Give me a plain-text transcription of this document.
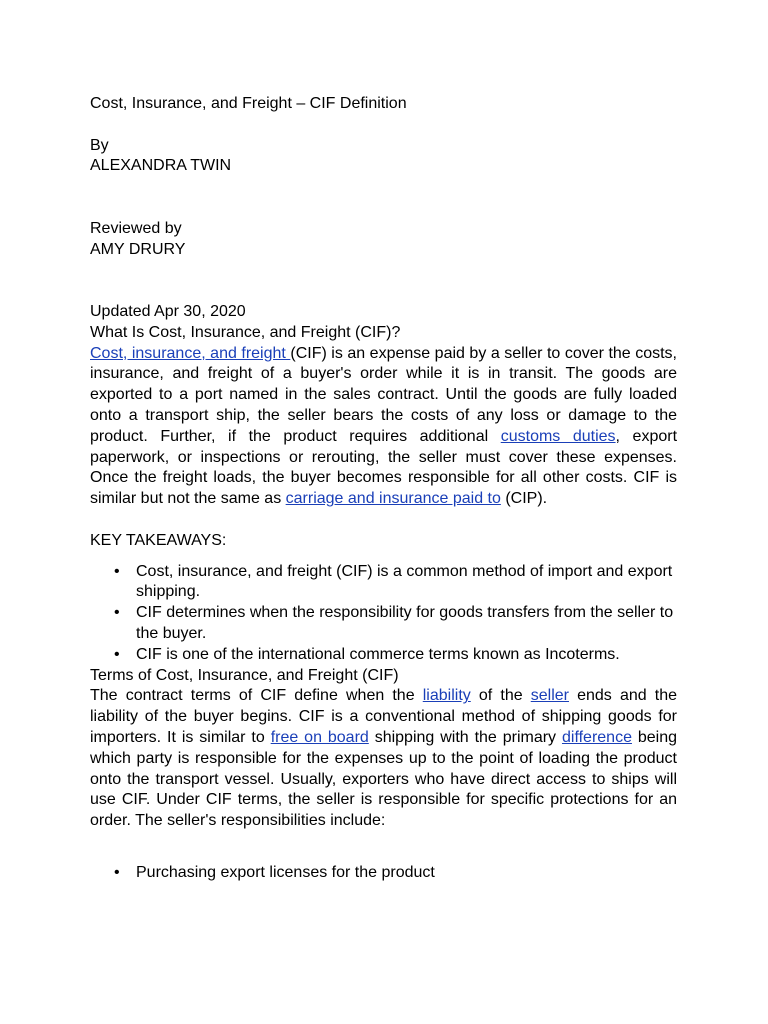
Cost, Insurance, and Freight – CIF Definition

By

ALEXANDRA TWIN

Reviewed by

AMY DRURY

Updated Apr 30, 2020

What Is Cost, Insurance, and Freight (CIF)?

Cost, insurance, and freight (CIF) is an expense paid by a seller to cover the costs, insurance, and freight of a buyer's order while it is in transit. The goods are exported to a port named in the sales contract. Until the goods are fully loaded onto a transport ship, the seller bears the costs of any loss or damage to the product. Further, if the product requires additional customs duties, export paperwork, or inspections or rerouting, the seller must cover these expenses. Once the freight loads, the buyer becomes responsible for all other costs. CIF is similar but not the same as carriage and insurance paid to (CIP).

KEY TAKEAWAYS:

• Cost, insurance, and freight (CIF) is a common method of import and export shipping.
• CIF determines when the responsibility for goods transfers from the seller to the buyer.
• CIF is one of the international commerce terms known as Incoterms.

Terms of Cost, Insurance, and Freight (CIF)

The contract terms of CIF define when the liability of the seller ends and the liability of the buyer begins. CIF is a conventional method of shipping goods for importers. It is similar to free on board shipping with the primary difference being which party is responsible for the expenses up to the point of loading the product onto the transport vessel. Usually, exporters who have direct access to ships will use CIF. Under CIF terms, the seller is responsible for specific protections for an order. The seller's responsibilities include:

• Purchasing export licenses for the product
